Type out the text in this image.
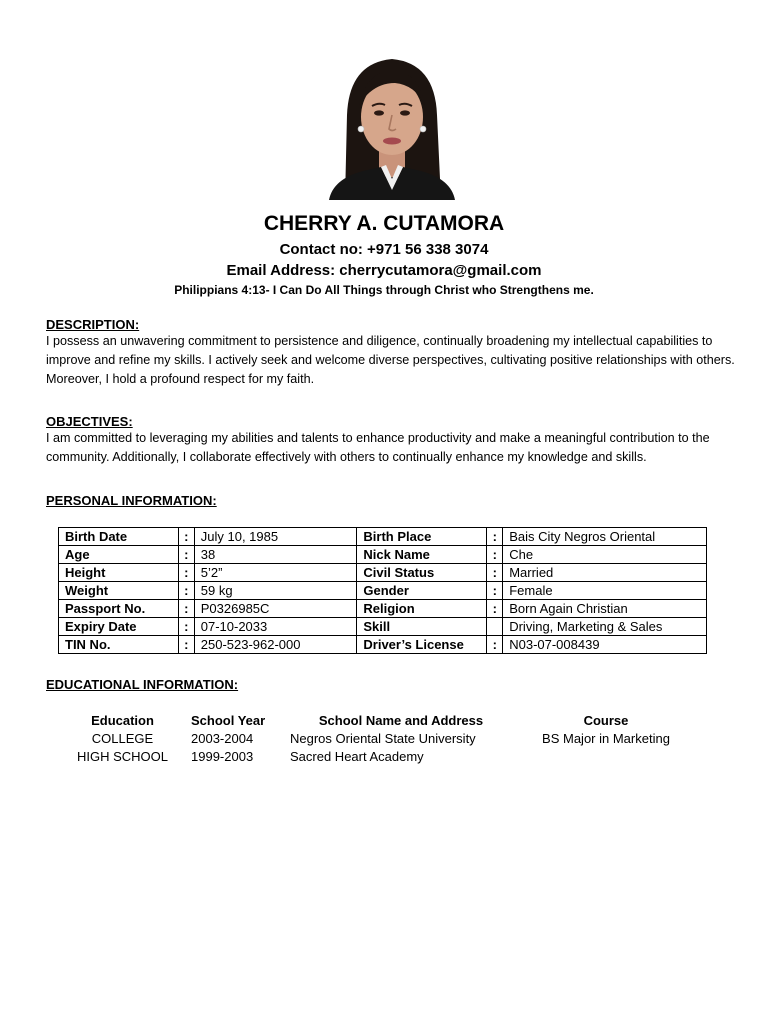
CHERRY A. CUTAMORA
Contact no: +971 56 338 3074
Email Address: cherrycutamora@gmail.com
Philippians 4:13- I Can Do All Things through Christ who Strengthens me.
DESCRIPTION:
I possess an unwavering commitment to persistence and diligence, continually broadening my intellectual capabilities to improve and refine my skills. I actively seek and welcome diverse perspectives, cultivating positive relationships with others. Moreover, I hold a profound respect for my faith.
OBJECTIVES:
I am committed to leveraging my abilities and talents to enhance productivity and make a meaningful contribution to the community. Additionally, I collaborate effectively with others to continually enhance my knowledge and skills.
PERSONAL INFORMATION:
Birth Date	:	July 10, 1985	Birth Place	:	Bais City Negros Oriental
Age	:	38	Nick Name	:	Che
Height	:	5’2”	Civil Status	:	Married
Weight	:	59 kg	Gender	:	Female
Passport No.	:	P0326985C	Religion	:	Born Again Christian
Expiry Date	:	07-10-2033	Skill		Driving, Marketing & Sales
TIN No.	:	250-523-962-000	Driver’s License	:	N03-07-008439
EDUCATIONAL INFORMATION:
Education	School Year	School Name and Address	Course
COLLEGE	2003-2004	Negros Oriental State University	BS Major in Marketing
HIGH SCHOOL	1999-2003	Sacred Heart Academy	
